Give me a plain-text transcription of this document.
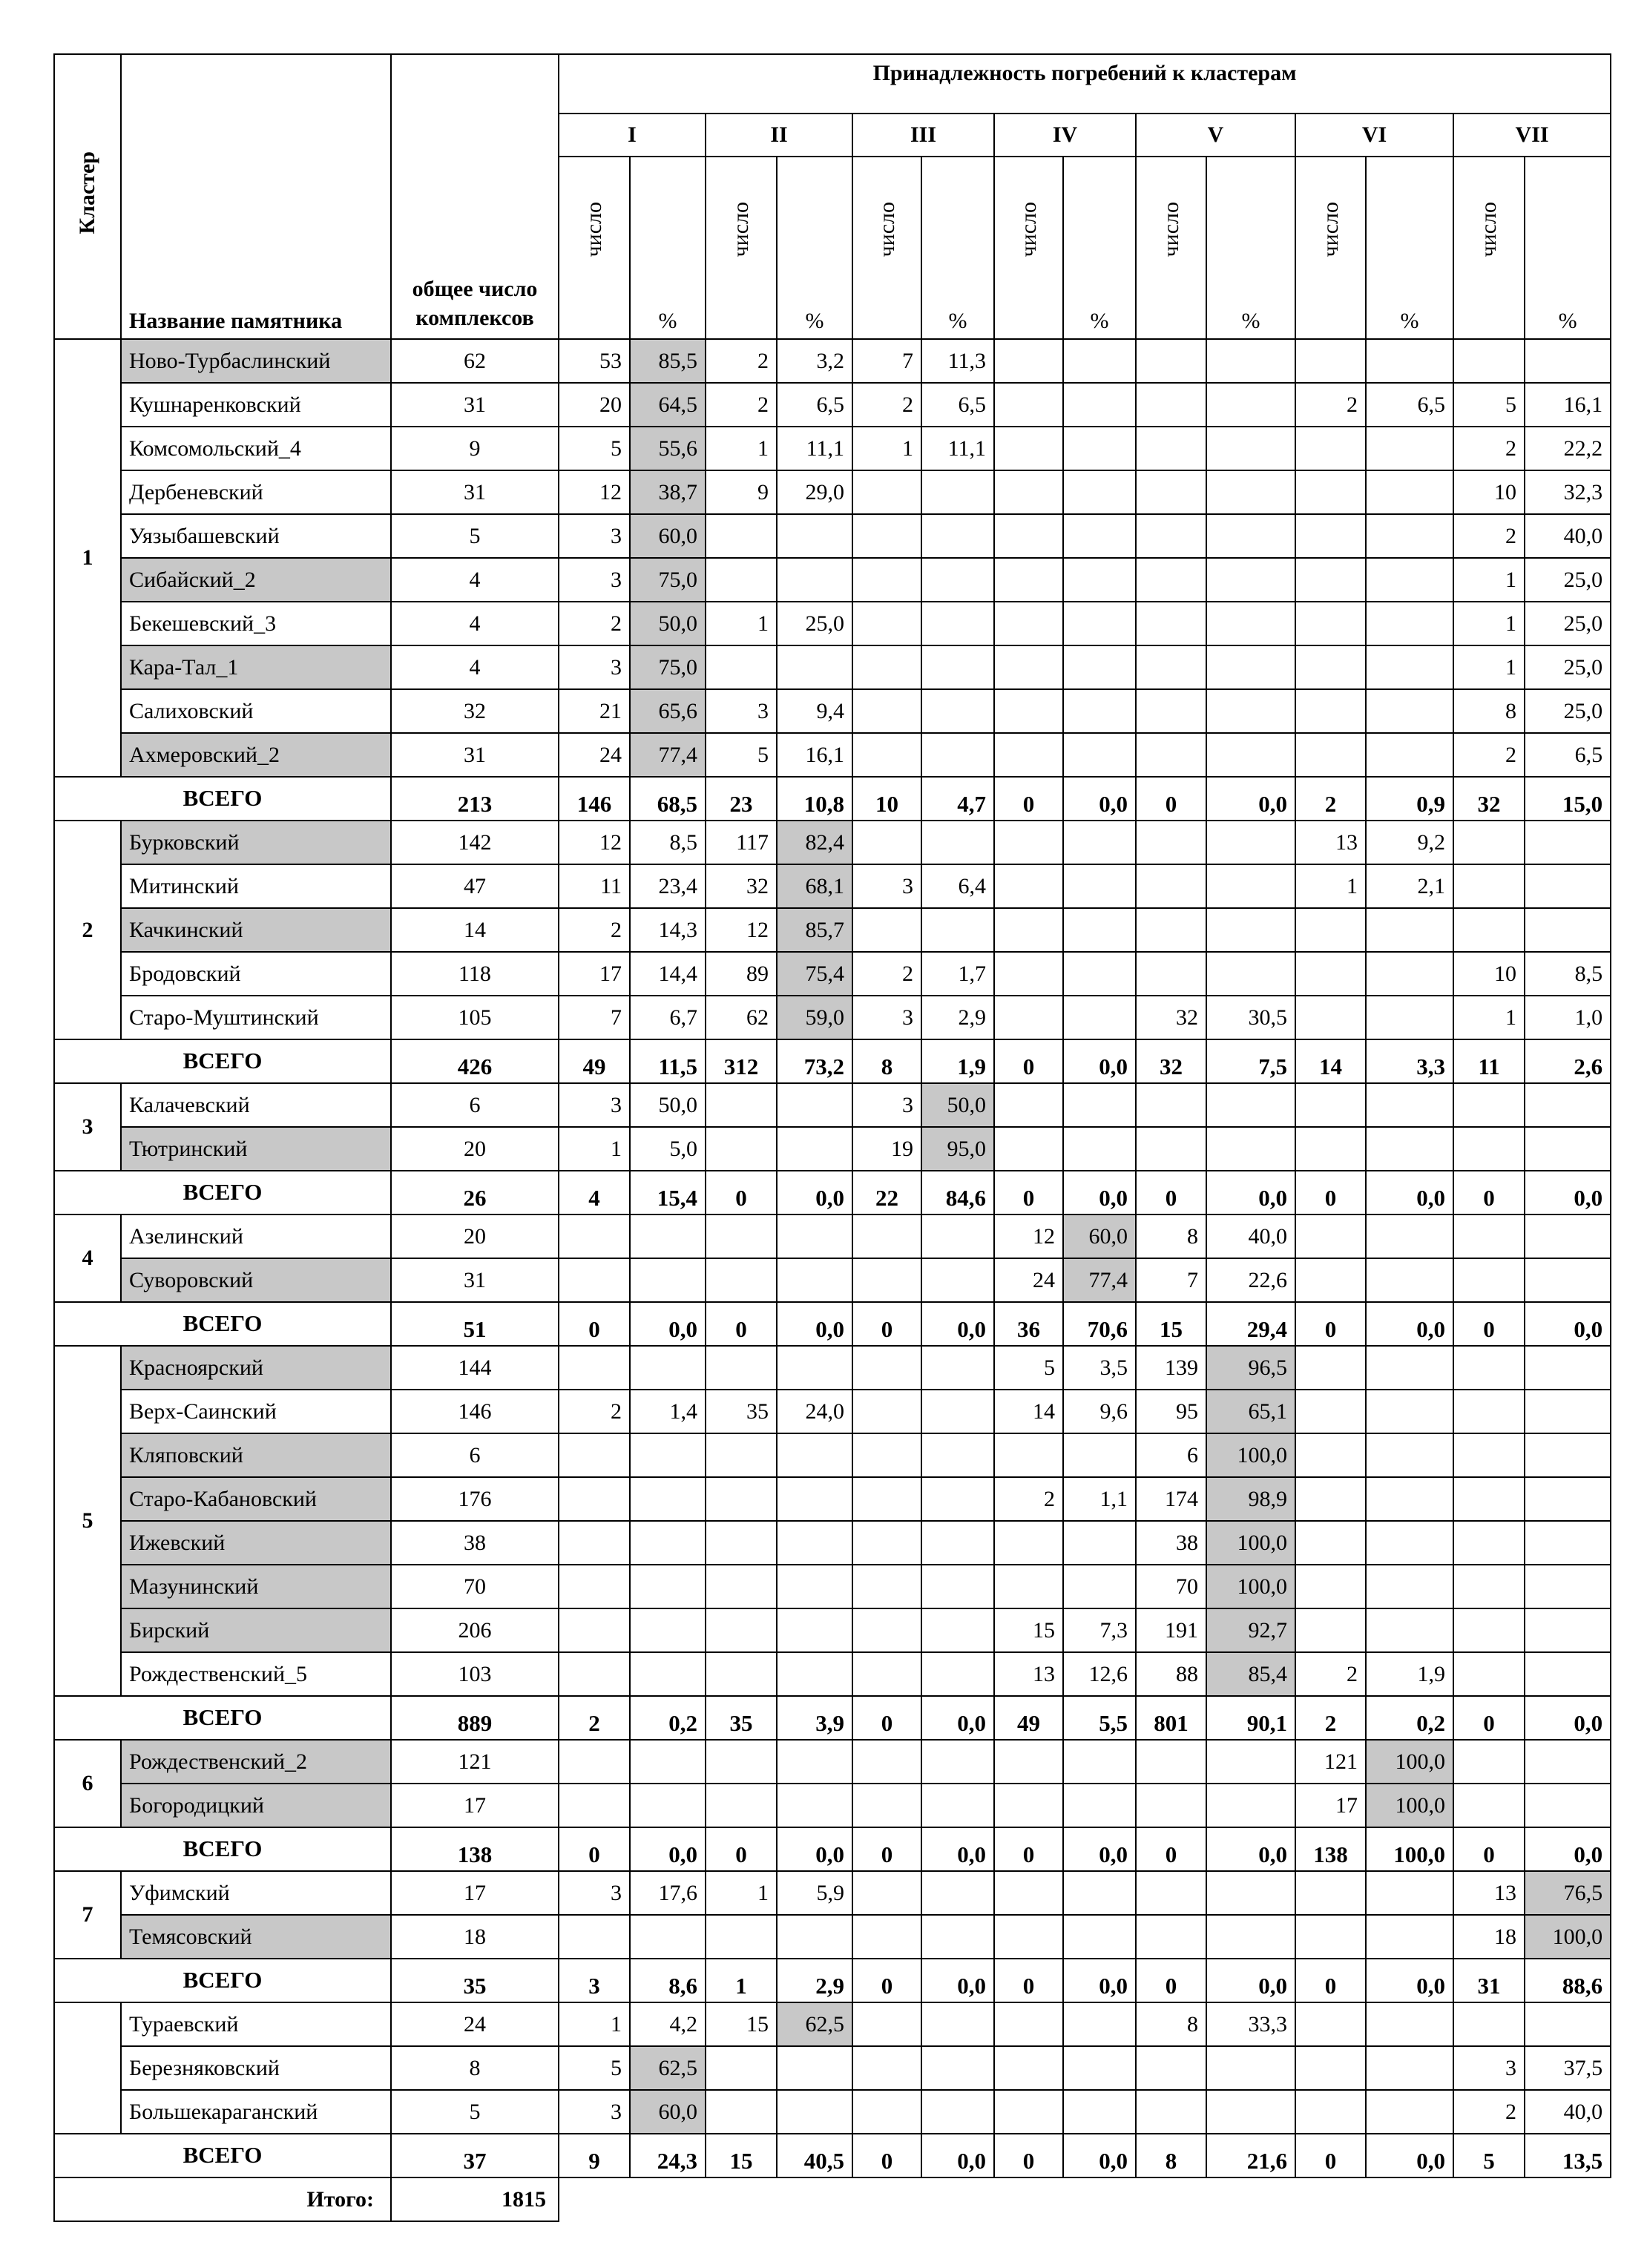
Кластер	Название памятника	общее число комплексов	Принадлежность погребений к кластерам													
			I		II		III		IV		V		VI		VII	
			число	%	число	%	число	%	число	%	число	%	число	%	число	%
1	Ново-Турбаслинский	62	53	85,5	2	3,2	7	11,3								
	Кушнаренковский	31	20	64,5	2	6,5	2	6,5					2	6,5	5	16,1
	Комсомольский_4	9	5	55,6	1	11,1	1	11,1							2	22,2
	Дербеневский	31	12	38,7	9	29,0									10	32,3
	Уязыбашевский	5	3	60,0											2	40,0
	Сибайский_2	4	3	75,0											1	25,0
	Бекешевский_3	4	2	50,0	1	25,0									1	25,0
	Кара-Тал_1	4	3	75,0											1	25,0
	Салиховский	32	21	65,6	3	9,4									8	25,0
	Ахмеровский_2	31	24	77,4	5	16,1									2	6,5
ВСЕГО		213	146	68,5	23	10,8	10	4,7	0	0,0	0	0,0	2	0,9	32	15,0
2	Бурковский	142	12	8,5	117	82,4							13	9,2		
	Митинский	47	11	23,4	32	68,1	3	6,4					1	2,1		
	Качкинский	14	2	14,3	12	85,7										
	Бродовский	118	17	14,4	89	75,4	2	1,7							10	8,5
	Старо-Муштинский	105	7	6,7	62	59,0	3	2,9			32	30,5			1	1,0
ВСЕГО		426	49	11,5	312	73,2	8	1,9	0	0,0	32	7,5	14	3,3	11	2,6
3	Калачевский	6	3	50,0			3	50,0								
	Тютринский	20	1	5,0			19	95,0								
ВСЕГО		26	4	15,4	0	0,0	22	84,6	0	0,0	0	0,0	0	0,0	0	0,0
4	Азелинский	20							12	60,0	8	40,0				
	Суворовский	31							24	77,4	7	22,6				
ВСЕГО		51	0	0,0	0	0,0	0	0,0	36	70,6	15	29,4	0	0,0	0	0,0
5	Красноярский	144							5	3,5	139	96,5				
	Верх-Саинский	146	2	1,4	35	24,0			14	9,6	95	65,1				
	Кляповский	6									6	100,0				
	Старо-Кабановский	176							2	1,1	174	98,9				
	Ижевский	38									38	100,0				
	Мазунинский	70									70	100,0				
	Бирский	206							15	7,3	191	92,7				
	Рождественский_5	103							13	12,6	88	85,4	2	1,9		
ВСЕГО		889	2	0,2	35	3,9	0	0,0	49	5,5	801	90,1	2	0,2	0	0,0
6	Рождественский_2	121											121	100,0		
	Богородицкий	17											17	100,0		
ВСЕГО		138	0	0,0	0	0,0	0	0,0	0	0,0	0	0,0	138	100,0	0	0,0
7	Уфимский	17	3	17,6	1	5,9									13	76,5
	Темясовский	18													18	100,0
ВСЕГО		35	3	8,6	1	2,9	0	0,0	0	0,0	0	0,0	0	0,0	31	88,6
	Тураевский	24	1	4,2	15	62,5					8	33,3				
	Березняковский	8	5	62,5											3	37,5
	Большекараганский	5	3	60,0											2	40,0
ВСЕГО		37	9	24,3	15	40,5	0	0,0	0	0,0	8	21,6	0	0,0	5	13,5
Итого:		1815														
